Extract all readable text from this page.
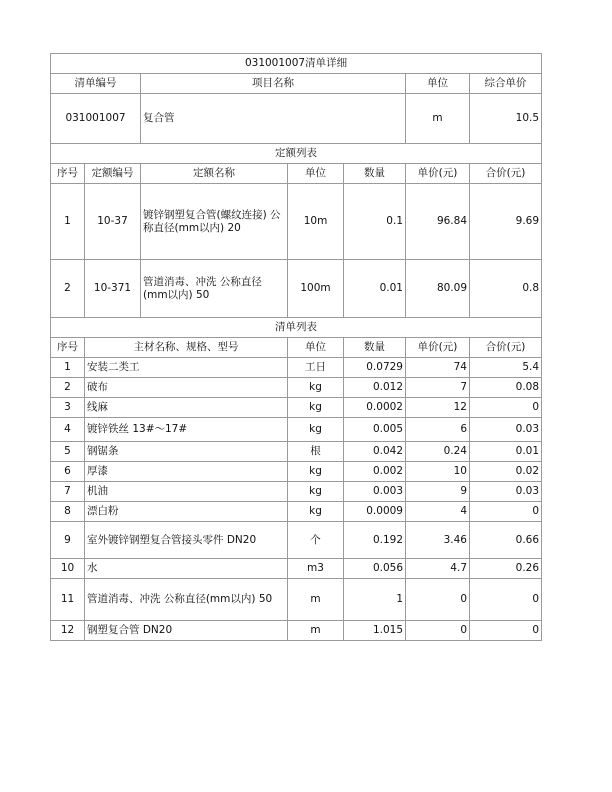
031001007清单详细						
清单编号		项目名称			单位	综合单价
031001007		复合管			m	10.5
定额列表						
序号	定额编号	定额名称	单位	数量	单价(元)	合价(元)
1	10-37	镀锌钢塑复合管(螺纹连接) 公称直径(mm以内) 20	10m	0.1	96.84	9.69
2	10-371	管道消毒、冲洗 公称直径(mm以内) 50	100m	0.01	80.09	0.8
清单列表						
序号	主材名称、规格、型号		单位	数量	单价(元)	合价(元)
1	安装二类工		工日	0.0729	74	5.4
2	破布		kg	0.012	7	0.08
3	线麻		kg	0.0002	12	0
4	镀锌铁丝 13#～17#		kg	0.005	6	0.03
5	钢锯条		根	0.042	0.24	0.01
6	厚漆		kg	0.002	10	0.02
7	机油		kg	0.003	9	0.03
8	漂白粉		kg	0.0009	4	0
9	室外镀锌钢塑复合管接头零件 DN20		个	0.192	3.46	0.66
10	水		m3	0.056	4.7	0.26
11	管道消毒、冲洗 公称直径(mm以内) 50		m	1	0	0
12	钢塑复合管 DN20		m	1.015	0	0
